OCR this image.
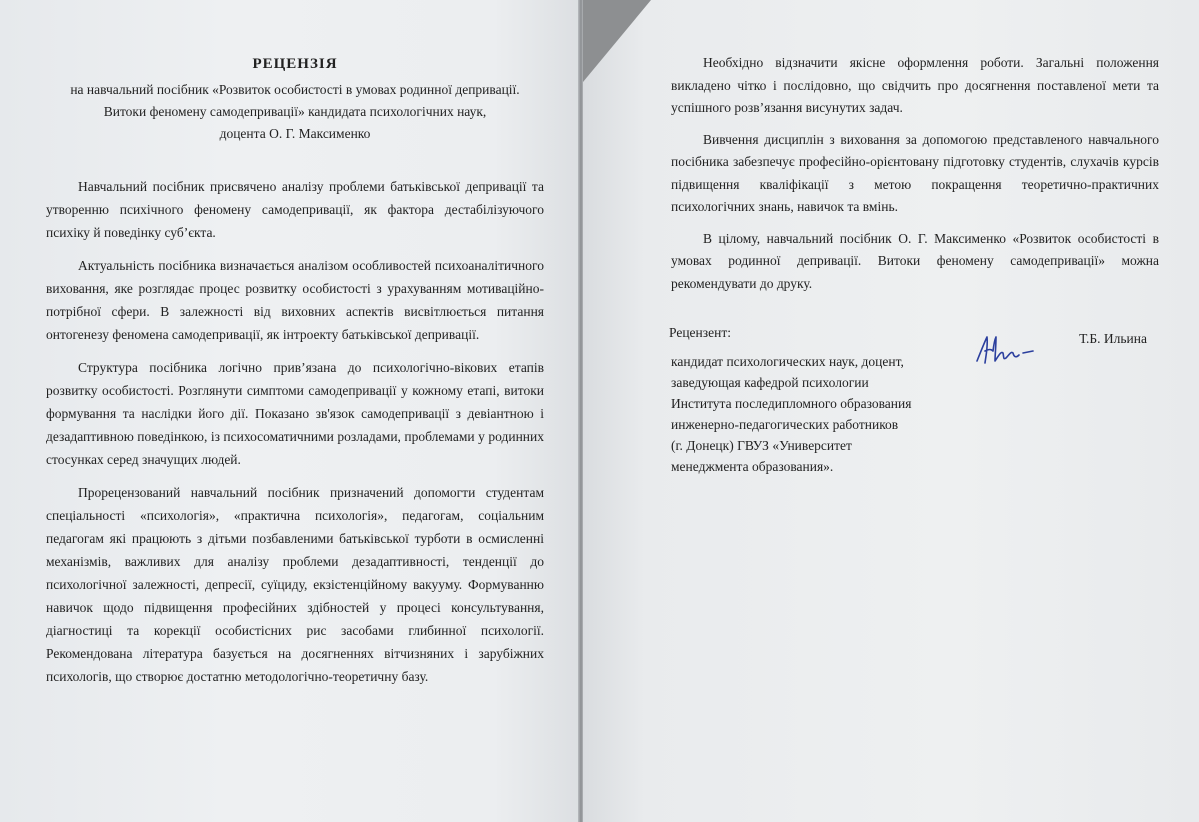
РЕЦЕНЗІЯ
на навчальний посібник «Розвиток особистості в умовах родинної депривації.
Витоки феномену самодепривації» кандидата психологічних наук,
доцента О. Г. Максименко

Навчальний посібник присвячено аналізу проблеми батьківської депривації та утворенню психічного феномену самодепривації, як фактора дестабілізуючого психіку й поведінку суб’єкта.

Актуальність посібника визначається аналізом особливостей психоаналітичного виховання, яке розглядає процес розвитку особистості з урахуванням мотиваційно-потрібної сфери. В залежності від виховних аспектів висвітлюється питання онтогенезу феномена самодепривації, як інтроекту батьківської депривації.

Структура посібника логічно прив’язана до психологічно-вікових етапів розвитку особистості. Розглянути симптоми самодепривації у кожному етапі, витоки формування та наслідки його дії. Показано зв'язок самодепривації з девіантною і дезадаптивною поведінкою, із психосоматичними розладами, проблемами у родинних стосунках серед значущих людей.

Прорецензований навчальний посібник призначений допомогти студентам спеціальності «психологія», «практична психологія», педагогам, соціальним педагогам які працюють з дітьми позбавленими батьківської турботи в осмисленні механізмів, важливих для аналізу проблеми дезадаптивності, тенденції до психологічної залежності, депресії, суїциду, екзістенційному вакууму. Формуванню навичок щодо підвищення професійних здібностей у процесі консультування, діагностиці та корекції особистісних рис засобами глибинної психології. Рекомендована література базується на досягненнях вітчизняних і зарубіжних психологів, що створює достатню методологічно-теоретичну базу.

Необхідно відзначити якісне оформлення роботи. Загальні положення викладено чітко і послідовно, що свідчить про досягнення поставленої мети та успішного розв’язання висунутих задач.

Вивчення дисциплін з виховання за допомогою представленого навчального посібника забезпечує професійно-орієнтовану підготовку студентів, слухачів курсів підвищення кваліфікації з метою покращення теоретично-практичних психологічних знань, навичок та вмінь.

В цілому, навчальний посібник О. Г. Максименко «Розвиток особистості в умовах родинної депривації. Витоки феномену самодепривації» можна рекомендувати до друку.

Рецензент:	Т.Б. Ильина
кандидат психологических наук, доцент,
заведующая кафедрой психологии
Института последипломного образования
инженерно-педагогических работников
(г. Донецк) ГВУЗ «Университет
менеджмента образования».
